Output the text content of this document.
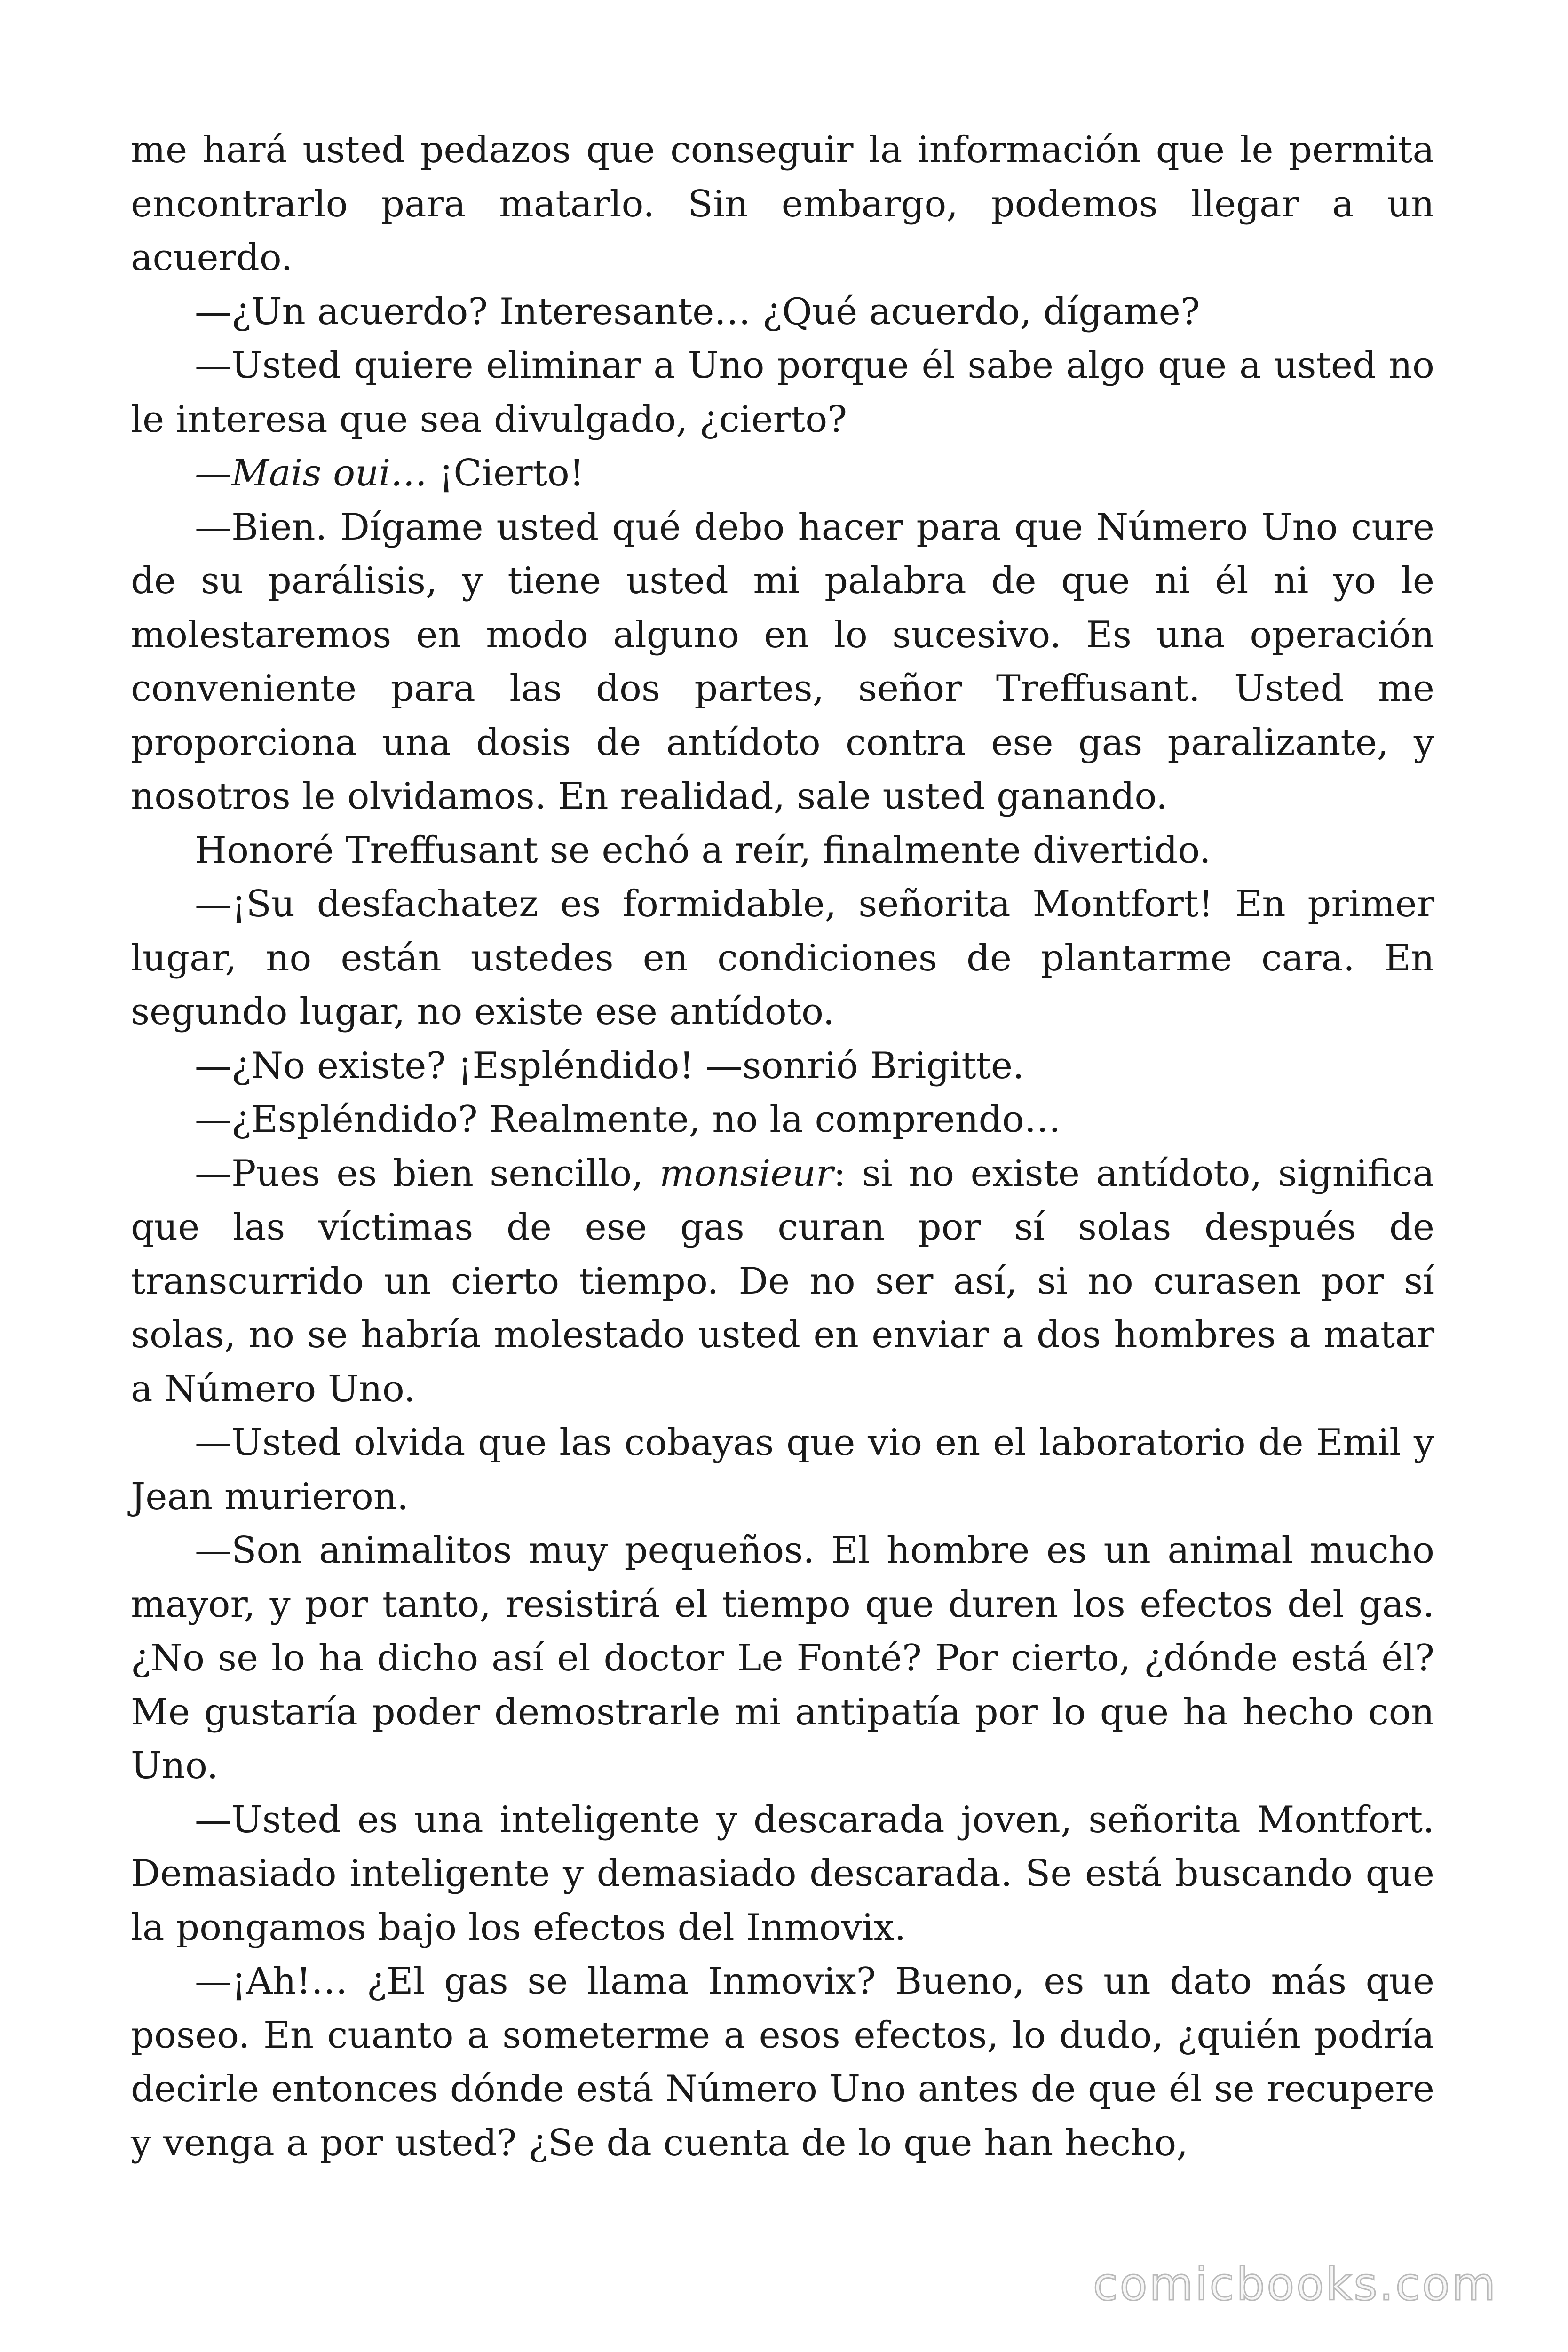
me hará usted pedazos que conseguir la información que le permita encontrarlo para matarlo. Sin embargo, podemos llegar a un acuerdo.

—¿Un acuerdo? Interesante… ¿Qué acuerdo, dígame?

—Usted quiere eliminar a Uno porque él sabe algo que a usted no le interesa que sea divulgado, ¿cierto?

—Mais oui… ¡Cierto!

—Bien. Dígame usted qué debo hacer para que Número Uno cure de su parálisis, y tiene usted mi palabra de que ni él ni yo le molestaremos en modo alguno en lo sucesivo. Es una operación conveniente para las dos partes, señor Treffusant. Usted me proporciona una dosis de antídoto contra ese gas paralizante, y nosotros le olvidamos. En realidad, sale usted ganando.

Honoré Treffusant se echó a reír, finalmente divertido.

—¡Su desfachatez es formidable, señorita Montfort! En primer lugar, no están ustedes en condiciones de plantarme cara. En segundo lugar, no existe ese antídoto.

—¿No existe? ¡Espléndido! —sonrió Brigitte.

—¿Espléndido? Realmente, no la comprendo…

—Pues es bien sencillo, monsieur: si no existe antídoto, significa que las víctimas de ese gas curan por sí solas después de transcurrido un cierto tiempo. De no ser así, si no curasen por sí solas, no se habría molestado usted en enviar a dos hombres a matar a Número Uno.

—Usted olvida que las cobayas que vio en el laboratorio de Emil y Jean murieron.

—Son animalitos muy pequeños. El hombre es un animal mucho mayor, y por tanto, resistirá el tiempo que duren los efectos del gas. ¿No se lo ha dicho así el doctor Le Fonté? Por cierto, ¿dónde está él? Me gustaría poder demostrarle mi antipatía por lo que ha hecho con Uno.

—Usted es una inteligente y descarada joven, señorita Montfort. Demasiado inteligente y demasiado descarada. Se está buscando que la pongamos bajo los efectos del Inmovix.

—¡Ah!… ¿El gas se llama Inmovix? Bueno, es un dato más que poseo. En cuanto a someterme a esos efectos, lo dudo, ¿quién podría decirle entonces dónde está Número Uno antes de que él se recupere y venga a por usted? ¿Se da cuenta de lo que han hecho,

comicbooks.com
